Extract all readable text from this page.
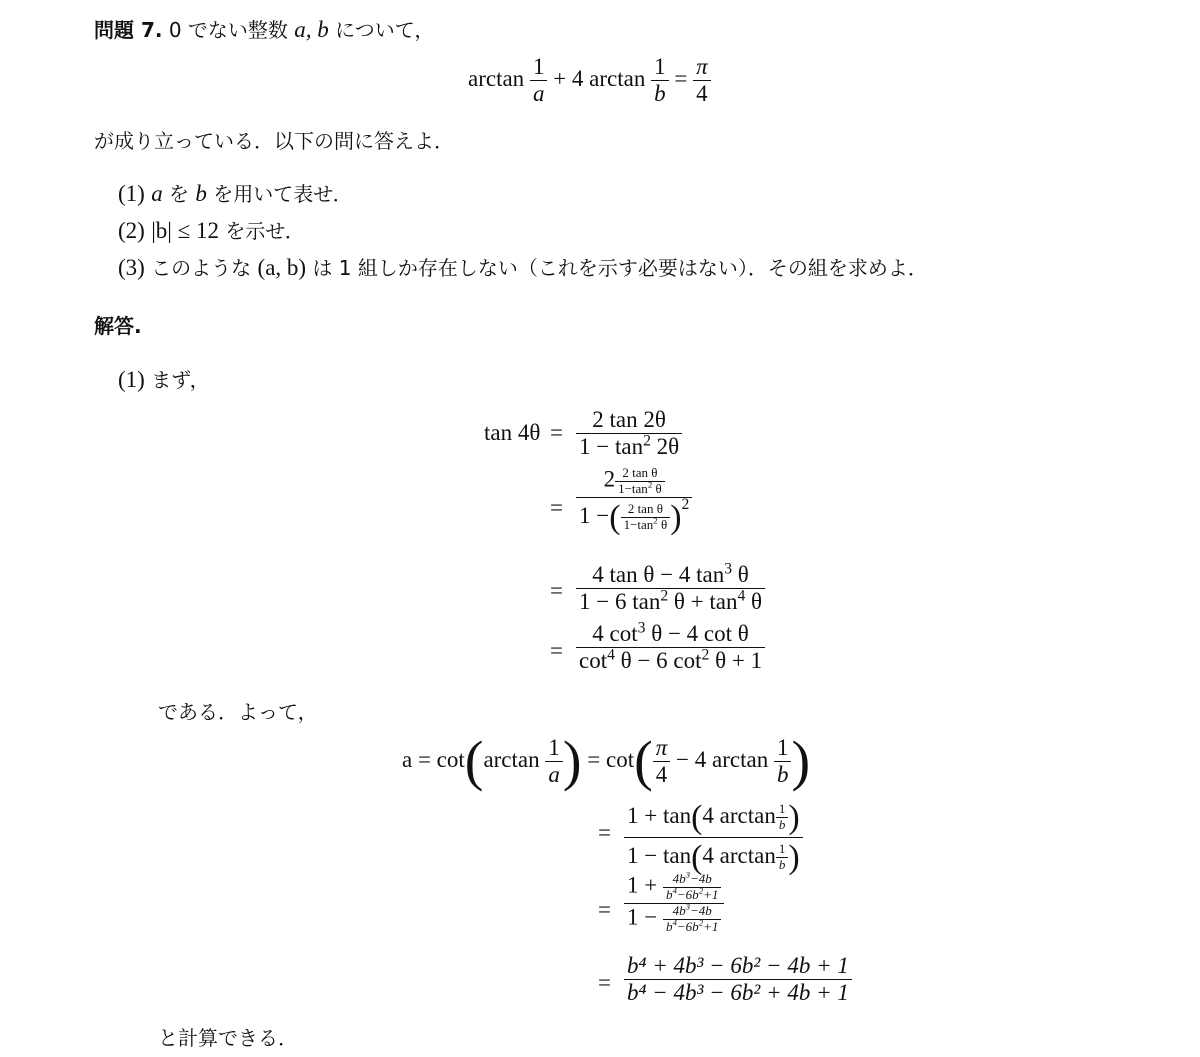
問題 7. 0 でない整数 a, b について，
$\arctan \frac{1}{a} + 4$ $\arctan \frac{1}{b} = \frac{\pi}{4}$
が成り立っている．以下の問に答えよ．
(1) a を b を用いて表せ．
(2) |b| ≤ 12 を示せ．
(3) このような (a, b) は 1 組しか存在しない（これを示す必要はない）．その組を求めよ．
解答.
(1) まず，
$\tan 4\theta = \frac{2 \tan 2\theta}{1 - \tan^2 2\theta}$
= $\frac{2 \frac{\text{2 tan θ}}{1-\tan^2 \theta}}{1 -( \frac{\text{2 tan θ}}{1-\tan^2 \theta} )^2}$
= $\frac{4 \tan \theta - 4 \tan^3 \theta}{1 - 6 \tan^2 \theta + \tan^4 \theta}$
= $\frac{4 \cot^3 \theta - 4 \cot \theta}{\cot^4 \theta - 6 \cot^2 \theta + 1}$
である．よって，
$a = \cot(\arctan \frac{1}{a}$ ) = $\cot( \frac{\pi}{4} - 4$ $\arctan \frac{1}{b}$ )
= $\frac{1 + \tan(4 \arctan \frac{1}{b} )}{1 - \tan(4 \arctan \frac{1}{b} )}$
= $\frac{1 + \frac{4b^3-4b}{b^4-6b^2+1}}{1 - \frac{4b^3-4b}{b^4-6b^2+1}}$
= $\frac{\text{b⁴ + 4b³ − 6b² − 4b + 1}}{\text{b⁴ − 4b³ − 6b² + 4b + 1}}$
と計算できる．
